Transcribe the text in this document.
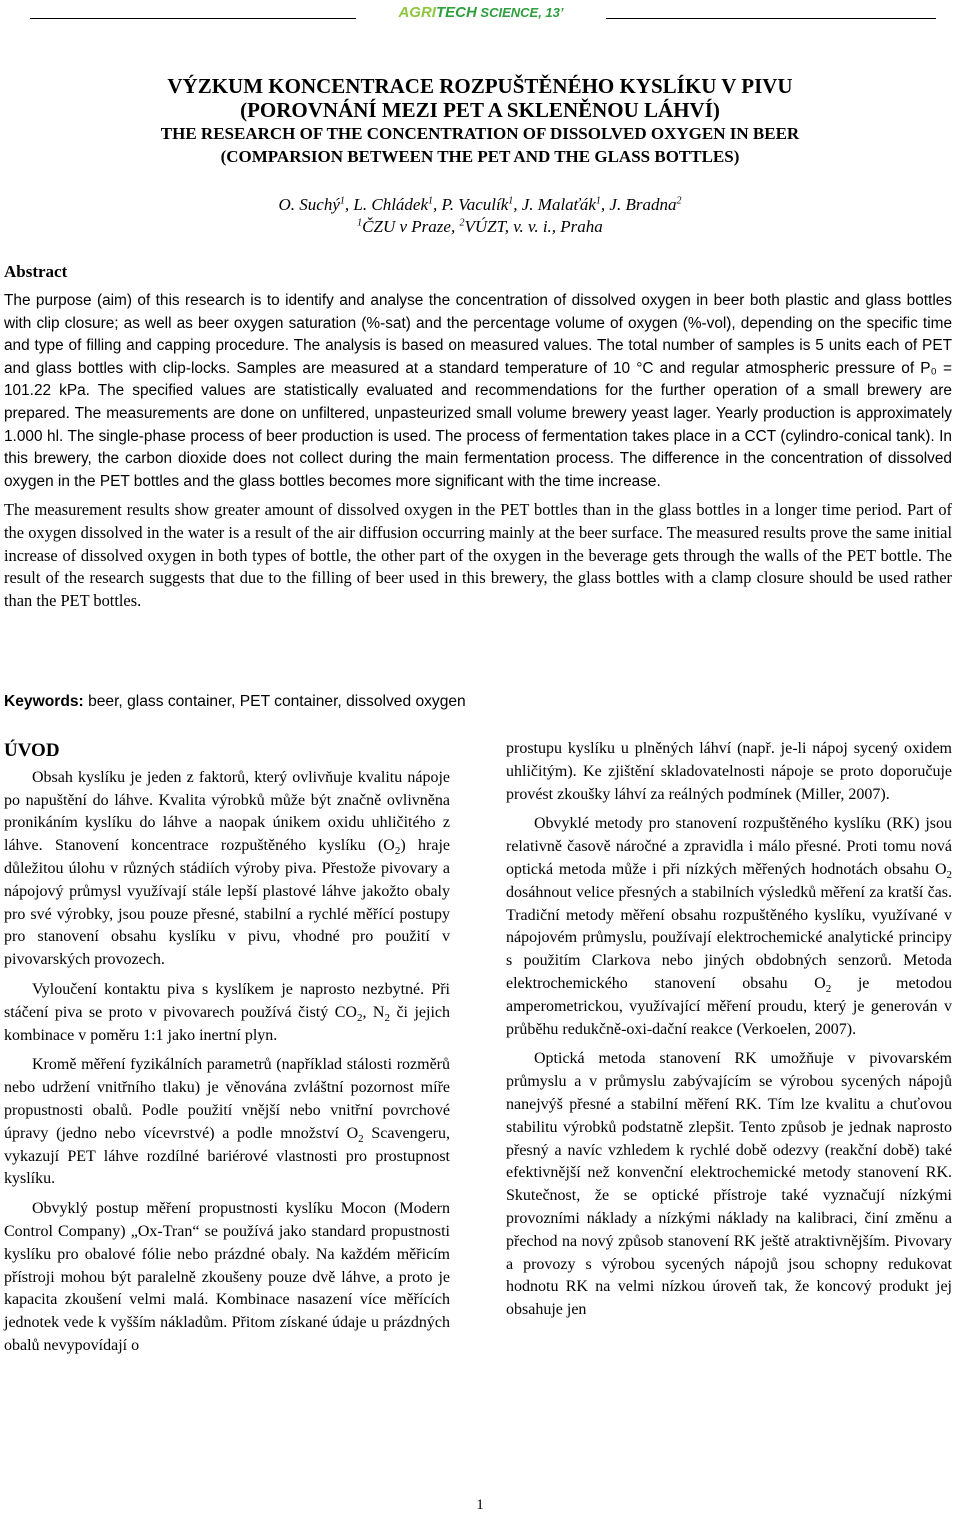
AGRITECH SCIENCE, 13’
VÝZKUM KONCENTRACE ROZPUŠTĚNÉHO KYSLÍKU V PIVU
(POROVNÁNÍ MEZI PET A SKLENĚNOU LÁHVÍ)
THE RESEARCH OF THE CONCENTRATION OF DISSOLVED OXYGEN IN BEER
(COMPARSION BETWEEN THE PET AND THE GLASS BOTTLES)
O. Suchý$^1$, L. Chládek$^1$, P. Vaculík$^1$, J. Malaťák$^1$, J. Bradna$^2$
$^1$ČZU v Praze, $^2$VÚZT, v. v. i., Praha
Abstract

The purpose (aim) of this research is to identify and analyse the concentration of dissolved oxygen in beer both plastic and glass bottles with clip closure; as well as beer oxygen saturation (%-sat) and the percentage volume of oxygen (%-vol), depending on the specific time and type of filling and capping procedure. The analysis is based on measured values. The total number of samples is 5 units each of PET and glass bottles with clip-locks. Samples are measured at a standard temperature of 10 °C and regular atmospheric pressure of P₀ = 101.22 kPa. The specified values are statistically evaluated and recommendations for the further operation of a small brewery are prepared. The measurements are done on unfiltered, unpasteurized small volume brewery yeast lager. Yearly production is approximately 1.000 hl. The single-phase process of beer production is used. The process of fermentation takes place in a CCT (cylindro-conical tank). In this brewery, the carbon dioxide does not collect during the main fermentation process. The difference in the concentration of dissolved oxygen in the PET bottles and the glass bottles becomes more significant with the time increase.

The measurement results show greater amount of dissolved oxygen in the PET bottles than in the glass bottles in a longer time period. Part of the oxygen dissolved in the water is a result of the air diffusion occurring mainly at the beer surface. The measured results prove the same initial increase of dissolved oxygen in both types of bottle, the other part of the oxygen in the beverage gets through the walls of the PET bottle. The result of the research suggests that due to the filling of beer used in this brewery, the glass bottles with a clamp closure should be used rather than the PET bottles.

Keywords: beer, glass container, PET container, dissolved oxygen
ÚVOD

Obsah kyslíku je jeden z faktorů, který ovlivňuje kvalitu nápoje po napuštění do láhve. Kvalita výrobků může být značně ovlivněna pronikáním kyslíku do láhve a naopak únikem oxidu uhličitého z láhve. Stanovení koncentrace rozpuštěného kyslíku $(O_2)$ hraje důležitou úlohu v různých stádiích výroby piva. Přestože pivovary a nápojový průmysl využívají stále lepší plastové láhve jakožto obaly pro své výrobky, jsou pouze přesné, stabilní a rychlé měřící postupy pro stanovení obsahu kyslíku v pivu, vhodné pro použití v pivovarských provozech.

Vyloučení kontaktu piva s kyslíkem je naprosto nezbytné. Při stáčení piva se proto v pivovarech používá čistý $CO_2$, $N_2$ či jejich kombinace v poměru 1:1 jako inertní plyn.

Kromě měření fyzikálních parametrů (například stálosti rozměrů nebo udržení vnitřního tlaku) je věnována zvláštní pozornost míře propustnosti obalů. Podle použití vnější nebo vnitřní povrchové úpravy (jedno nebo vícevrstvé) a podle množství $O_2$ Scavengeru, vykazují PET láhve rozdílné bariérové vlastnosti pro prostupnost kyslíku.

Obvyklý postup měření propustnosti kyslíku Mocon (Modern Control Company) „Ox-Tran“ se používá jako standard propustnosti kyslíku pro obalové fólie nebo prázdné obaly. Na každém měřicím přístroji mohou být paralelně zkoušeny pouze dvě láhve, a proto je kapacita zkoušení velmi malá. Kombinace nasazení více měřících jednotek vede k vyšším nákladům. Přitom získané údaje u prázdných obalů nevypovídají o

prostupu kyslíku u plněných láhví (např. je-li nápoj sycený oxidem uhličitým). Ke zjištění skladovatelnosti nápoje se proto doporučuje provést zkoušky láhví za reálných podmínek (Miller, 2007).

Obvyklé metody pro stanovení rozpuštěného kyslíku (RK) jsou relativně časově náročné a zpravidla i málo přesné. Proti tomu nová optická metoda může i při nízkých měřených hodnotách obsahu $O_2$ dosáhnout velice přesných a stabilních výsledků měření za kratší čas. Tradiční metody měření obsahu rozpuštěného kyslíku, využívané v nápojovém průmyslu, používají elektrochemické analytické principy s použitím Clarkova nebo jiných obdobných senzorů. Metoda elektrochemického stanovení obsahu $O_2$ je metodou amperometrickou, využívající měření proudu, který je generován v průběhu redukčně-oxi-dační reakce (Verkoelen, 2007).

Optická metoda stanovení RK umožňuje v pivovarském průmyslu a v průmyslu zabývajícím se výrobou sycených nápojů nanejvýš přesné a stabilní měření RK. Tím lze kvalitu a chuťovou stabilitu výrobků podstatně zlepšit. Tento způsob je jednak naprosto přesný a navíc vzhledem k rychlé době odezvy (reakční době) také efektivnější než konvenční elektrochemické metody stanovení RK. Skutečnost, že se optické přístroje také vyznačují nízkými provozními náklady a nízkými náklady na kalibraci, činí změnu a přechod na nový způsob stanovení RK ještě atraktivnějším. Pivovary a provozy s výrobou sycených nápojů jsou schopny redukovat hodnotu RK na velmi nízkou úroveň tak, že koncový produkt jej obsahuje jen

1
